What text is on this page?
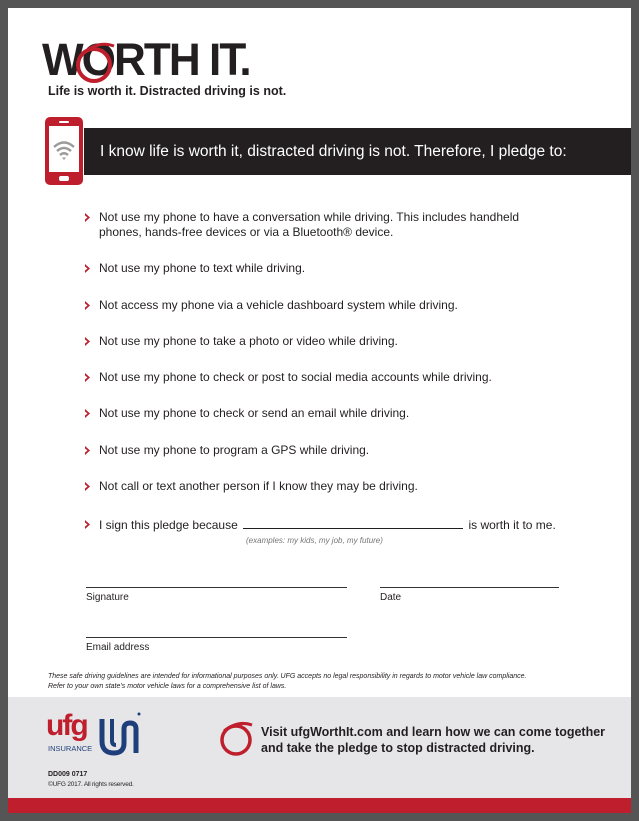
WORTH IT.
Life is worth it. Distracted driving is not.
I know life is worth it, distracted driving is not. Therefore, I pledge to:
Not use my phone to have a conversation while driving. This includes handheld phones, hands-free devices or via a Bluetooth® device.
Not use my phone to text while driving.
Not access my phone via a vehicle dashboard system while driving.
Not use my phone to take a photo or video while driving.
Not use my phone to check or post to social media accounts while driving.
Not use my phone to check or send an email while driving.
Not use my phone to program a GPS while driving.
Not call or text another person if I know they may be driving.
I sign this pledge because	is worth it to me.
(examples: my kids, my job, my future)
Signature	Date
Email address
These safe driving guidelines are intended for informational purposes only. UFG accepts no legal responsibility in regards to motor vehicle law compliance.
Refer to your own state’s motor vehicle laws for a comprehensive list of laws.
ufg
INSURANCE
DD009 0717
©UFG 2017. All rights reserved.
Visit ufgWorthIt.com and learn how we can come together
and take the pledge to stop distracted driving.
